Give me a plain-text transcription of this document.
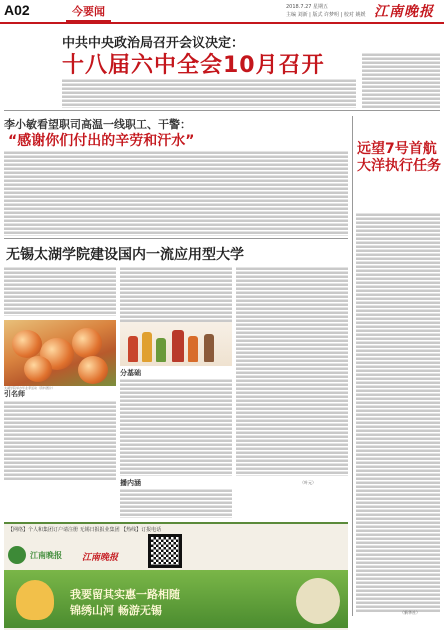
A02	今要闻	2018.7.27 星期五
主编 刘新 | 版式 许梦明 | 校对 姚媛 江南晚报
中共中央政治局召开会议决定：
十八届六中全会10月召开
李小敏看望职司高温一线职工、干警：
“感谢你们付出的辛劳和汗水”	远望7号首航大洋执行任务
（新华社）
无锡太湖学院建设国内一流应用型大学
太湖学院举办毕业季活动（资料图片）
引名师
分基础
播内涵	（叶元）
【网络】个人和集团订户请注册 无锡日报报业集团 【热线】订报电话
江南晚报 江南晚报
我要留其实惠一路相随
锦绣山河 畅游无锡
